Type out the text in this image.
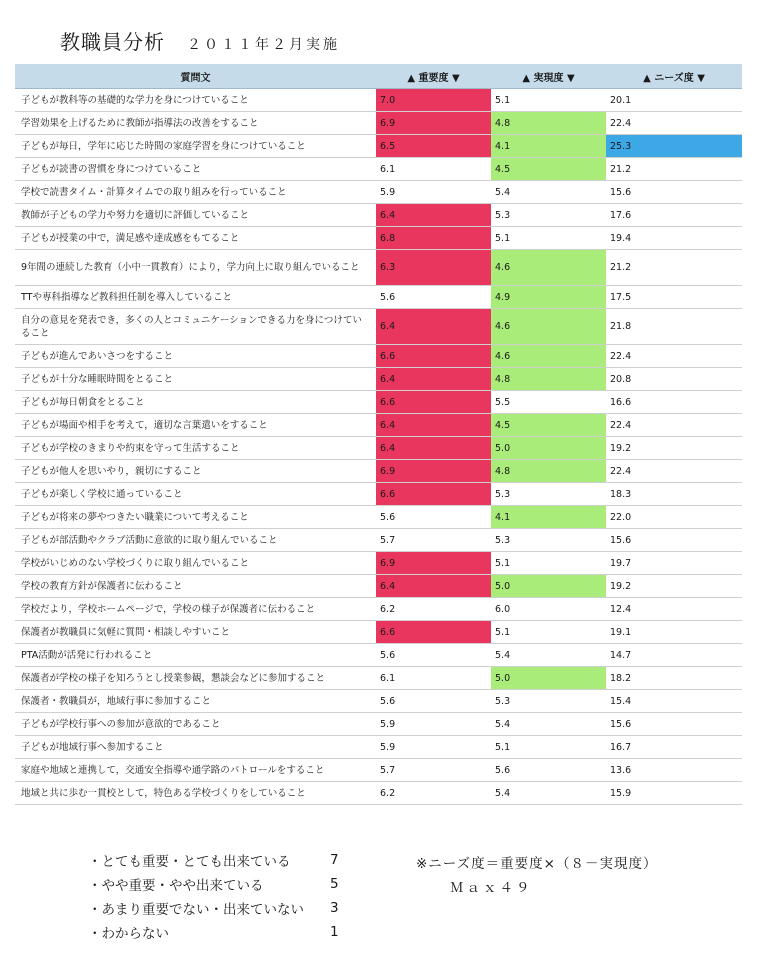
教職員分析 ２０１１年２月実施
質問文	▲ 重要度 ▼	▲ 実現度 ▼	▲ ニーズ度 ▼
子どもが教科等の基礎的な学力を身につけていること	7.0	5.1	20.1
学習効果を上げるために教師が指導法の改善をすること	6.9	4.8	22.4
子どもが毎日，学年に応じた時間の家庭学習を身につけていること	6.5	4.1	25.3
子どもが読書の習慣を身につけていること	6.1	4.5	21.2
学校で読書タイム・計算タイムでの取り組みを行っていること	5.9	5.4	15.6
教師が子どもの学力や努力を適切に評価していること	6.4	5.3	17.6
子どもが授業の中で，満足感や達成感をもてること	6.8	5.1	19.4
9年間の連続した教育（小中一貫教育）により，学力向上に取り組んでいること	6.3	4.6	21.2
TTや専科指導など教科担任制を導入していること	5.6	4.9	17.5
自分の意見を発表でき，多くの人とコミュニケーションできる力を身につけていること	6.4	4.6	21.8
子どもが進んであいさつをすること	6.6	4.6	22.4
子どもが十分な睡眠時間をとること	6.4	4.8	20.8
子どもが毎日朝食をとること	6.6	5.5	16.6
子どもが場面や相手を考えて，適切な言葉遣いをすること	6.4	4.5	22.4
子どもが学校のきまりや約束を守って生活すること	6.4	5.0	19.2
子どもが他人を思いやり，親切にすること	6.9	4.8	22.4
子どもが楽しく学校に通っていること	6.6	5.3	18.3
子どもが将来の夢やつきたい職業について考えること	5.6	4.1	22.0
子どもが部活動やクラブ活動に意欲的に取り組んでいること	5.7	5.3	15.6
学校がいじめのない学校づくりに取り組んでいること	6.9	5.1	19.7
学校の教育方針が保護者に伝わること	6.4	5.0	19.2
学校だより，学校ホームページで，学校の様子が保護者に伝わること	6.2	6.0	12.4
保護者が教職員に気軽に質問・相談しやすいこと	6.6	5.1	19.1
PTA活動が活発に行われること	5.6	5.4	14.7
保護者が学校の様子を知ろうとし授業参観，懇談会などに参加すること	6.1	5.0	18.2
保護者・教職員が，地域行事に参加すること	5.6	5.3	15.4
子どもが学校行事への参加が意欲的であること	5.9	5.4	15.6
子どもが地域行事へ参加すること	5.9	5.1	16.7
家庭や地域と連携して，交通安全指導や通学路のパトロールをすること	5.7	5.6	13.6
地域と共に歩む一貫校として，特色ある学校づくりをしていること	6.2	5.4	15.9
・とても重要・とても出来ている	7
・やや重要・やや出来ている	5
・あまり重要でない・出来ていない	3
・わからない	1
※ニーズ度＝重要度×（８－実現度）
Ｍａｘ４９
